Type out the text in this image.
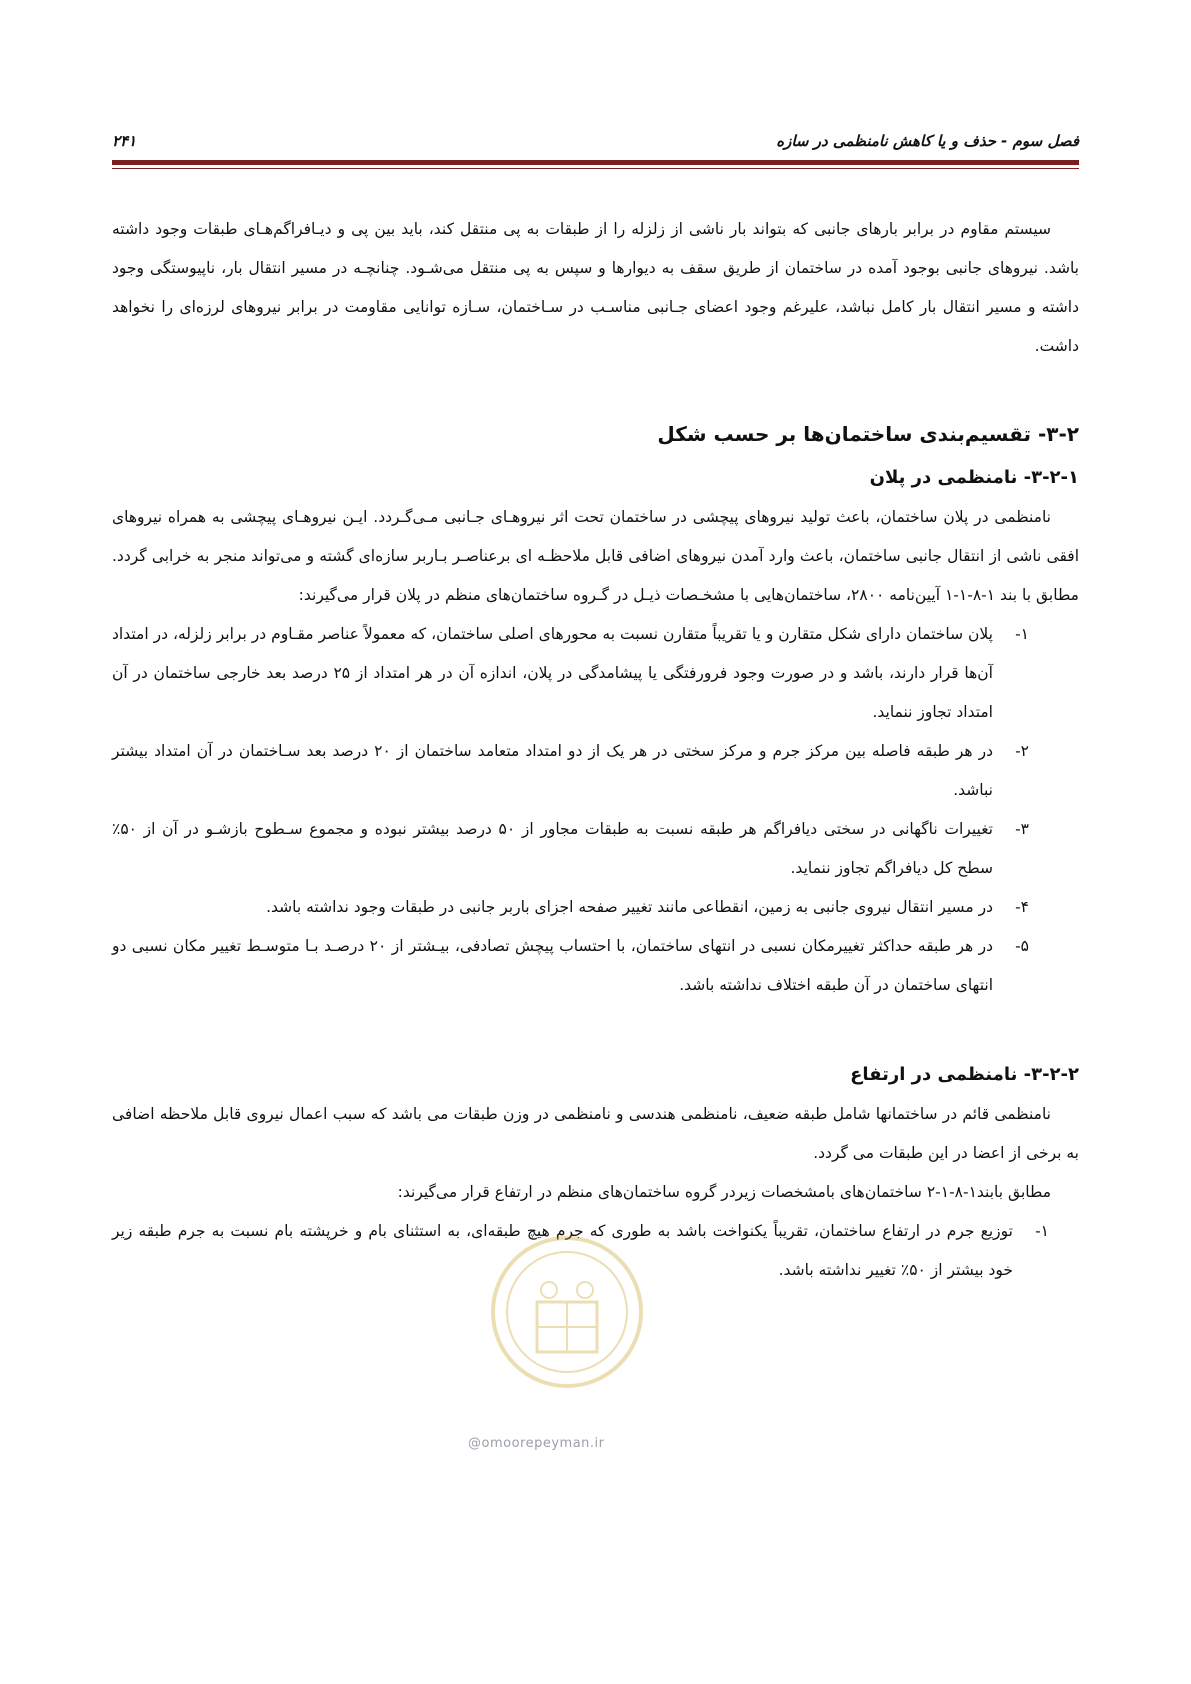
فصل سوم - حذف و یا کاهش نامنظمی در سازه
۲۴۱

سیستم مقاوم در برابر بارهای جانبی که بتواند بار ناشی از زلزله را از طبقات به پی منتقل کند، باید بین پی و دیـافراگم‌هـای طبقات وجود داشته باشد. نیروهای جانبی بوجود آمده در ساختمان از طریق سقف به دیوارها و سپس به پی منتقل می‌شـود. چنانچـه در مسیر انتقال بار، ناپیوستگی وجود داشته و مسیر انتقال بار کامل نباشد، علیرغم وجود اعضای جـانبی مناسـب در سـاختمان، سـازه توانایی مقاومت در برابر نیروهای لرزه‌ای را نخواهد داشت.

۳-۲- تقسیم‌بندی ساختمان‌ها بر حسب شکل
۳-۲-۱- نامنظمی در پلان

نامنظمی در پلان ساختمان، باعث تولید نیروهای پیچشی در ساختمان تحت اثر نیروهـای جـانبی مـی‌گـردد. ایـن نیروهـای پیچشی به همراه نیروهای افقی ناشی از انتقال جانبی ساختمان، باعث وارد آمدن نیروهای اضافی قابل ملاحظـه ای برعناصـر بـاربر سازه‌ای گشته و می‌تواند منجر به خرابی گردد. مطابق با بند ۱-۸-۱-۱ آیین‌نامه ۲۸۰۰، ساختمان‌هایی با مشخـصات ذیـل در گـروه ساختمان‌های منظم در پلان قرار می‌گیرند:

۱-
پلان ساختمان دارای شکل متقارن و یا تقریباً متقارن نسبت به محورهای اصلی ساختمان، که معمولاً عناصر مقـاوم در برابر زلزله، در امتداد آن‌ها قرار دارند، باشد و در صورت وجود فرورفتگی یا پیشامدگی در پلان، اندازه آن در هر امتداد از ۲۵ درصد بعد خارجی ساختمان در آن امتداد تجاوز ننماید.
۲-
در هر طبقه فاصله بین مرکز جرم و مرکز سختی در هر یک از دو امتداد متعامد ساختمان از ۲۰ درصد بعد سـاختمان در آن امتداد بیشتر نباشد.
۳-
تغییرات ناگهانی در سختی دیافراگم هر طبقه نسبت به طبقات مجاور از ۵۰ درصد بیشتر نبوده و مجموع سـطوح بازشـو در آن از ۵۰٪ سطح کل دیافراگم تجاوز ننماید.
۴-
در مسیر انتقال نیروی جانبی به زمین، انقطاعی مانند تغییر صفحه اجزای باربر جانبی در طبقات وجود نداشته باشد.
۵-
در هر طبقه حداکثر تغییرمکان نسبی در انتهای ساختمان، با احتساب پیچش تصادفی، بیـشتر از ۲۰ درصـد بـا متوسـط تغییر مکان نسبی دو انتهای ساختمان در آن طبقه اختلاف نداشته باشد.
۳-۲-۲- نامنظمی در ارتفاع

نامنظمی قائم در ساختمانها شامل طبقه ضعیف، نامنظمی هندسی و نامنظمی در وزن طبقات می باشد که سبب اعمال نیروی قابل ملاحظه اضافی به برخی از اعضا در این طبقات می گردد.

مطابق بابند۱-۸-۱-۲ ساختمان‌های بامشخصات زیردر گروه ساختمان‌های منظم در ارتفاع قرار می‌گیرند:

۱-
توزیع جرم در ارتفاع ساختمان، تقریباً یکنواخت باشد به طوری که جرم هیچ طبقه‌ای، به استثنای بام و خرپشته بام نسبت به جرم طبقه زیر خود بیشتر از ۵۰٪ تغییر نداشته باشد.
@omoorepeyman.ir
